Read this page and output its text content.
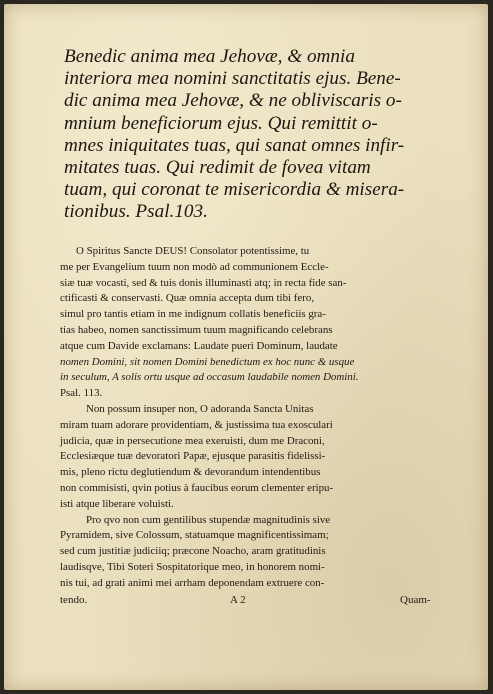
Benedic anima mea Jehovæ, & omnia
interiora mea nomini sanctitatis ejus. Bene-
dic anima mea Jehovæ, & ne obliviscaris o-
mnium beneficiorum ejus. Qui remittit o-
mnes iniquitates tuas, qui sanat omnes infir-
mitates tuas. Qui redimit de fovea vitam
tuam, qui coronat te misericordia & misera-
tionibus. Psal.103.
O Spiritus Sancte DEUS! Consolator potentissime, tu
me per Evangelium tuum non modò ad communionem Eccle-
siæ tuæ vocasti, sed & tuis donis illuminasti atq; in recta fide san-
ctificasti & conservasti. Quæ omnia accepta dum tibi fero,
simul pro tantis etiam in me indignum collatis beneficiis gra-
tias habeo, nomen sanctissimum tuum magnificando celebrans
atque cum Davide exclamans: Laudate pueri Dominum, laudate
nomen Domini, sit nomen Domini benedictum ex hoc nunc & usque
in seculum, A solis ortu usque ad occasum laudabile nomen Domini.
Psal. 113.
Non possum insuper non, O adoranda Sancta Unitas
miram tuam adorare providentiam, & justissima tua exosculari
judicia, quæ in persecutione mea exeruisti, dum me Draconi,
Ecclesiæque tuæ devoratori Papæ, ejusque parasitis fidelissi-
mis, pleno rictu deglutiendum & devorandum intendentibus
non commisisti, qvin potius à faucibus eorum clementer eripu-
isti atque liberare voluisti.
Pro qvo non cum gentilibus stupendæ magnitudinis sive
Pyramidem, sive Colossum, statuamque magnificentissimam;
sed cum justitiæ judiciiq; præcone Noacho, aram gratitudinis
laudisqve, Tibi Soteri Sospitatorique meo, in honorem nomi-
nis tui, ad grati animi mei arrham deponendam extruere con-
tendo.	A 2	Quam-
